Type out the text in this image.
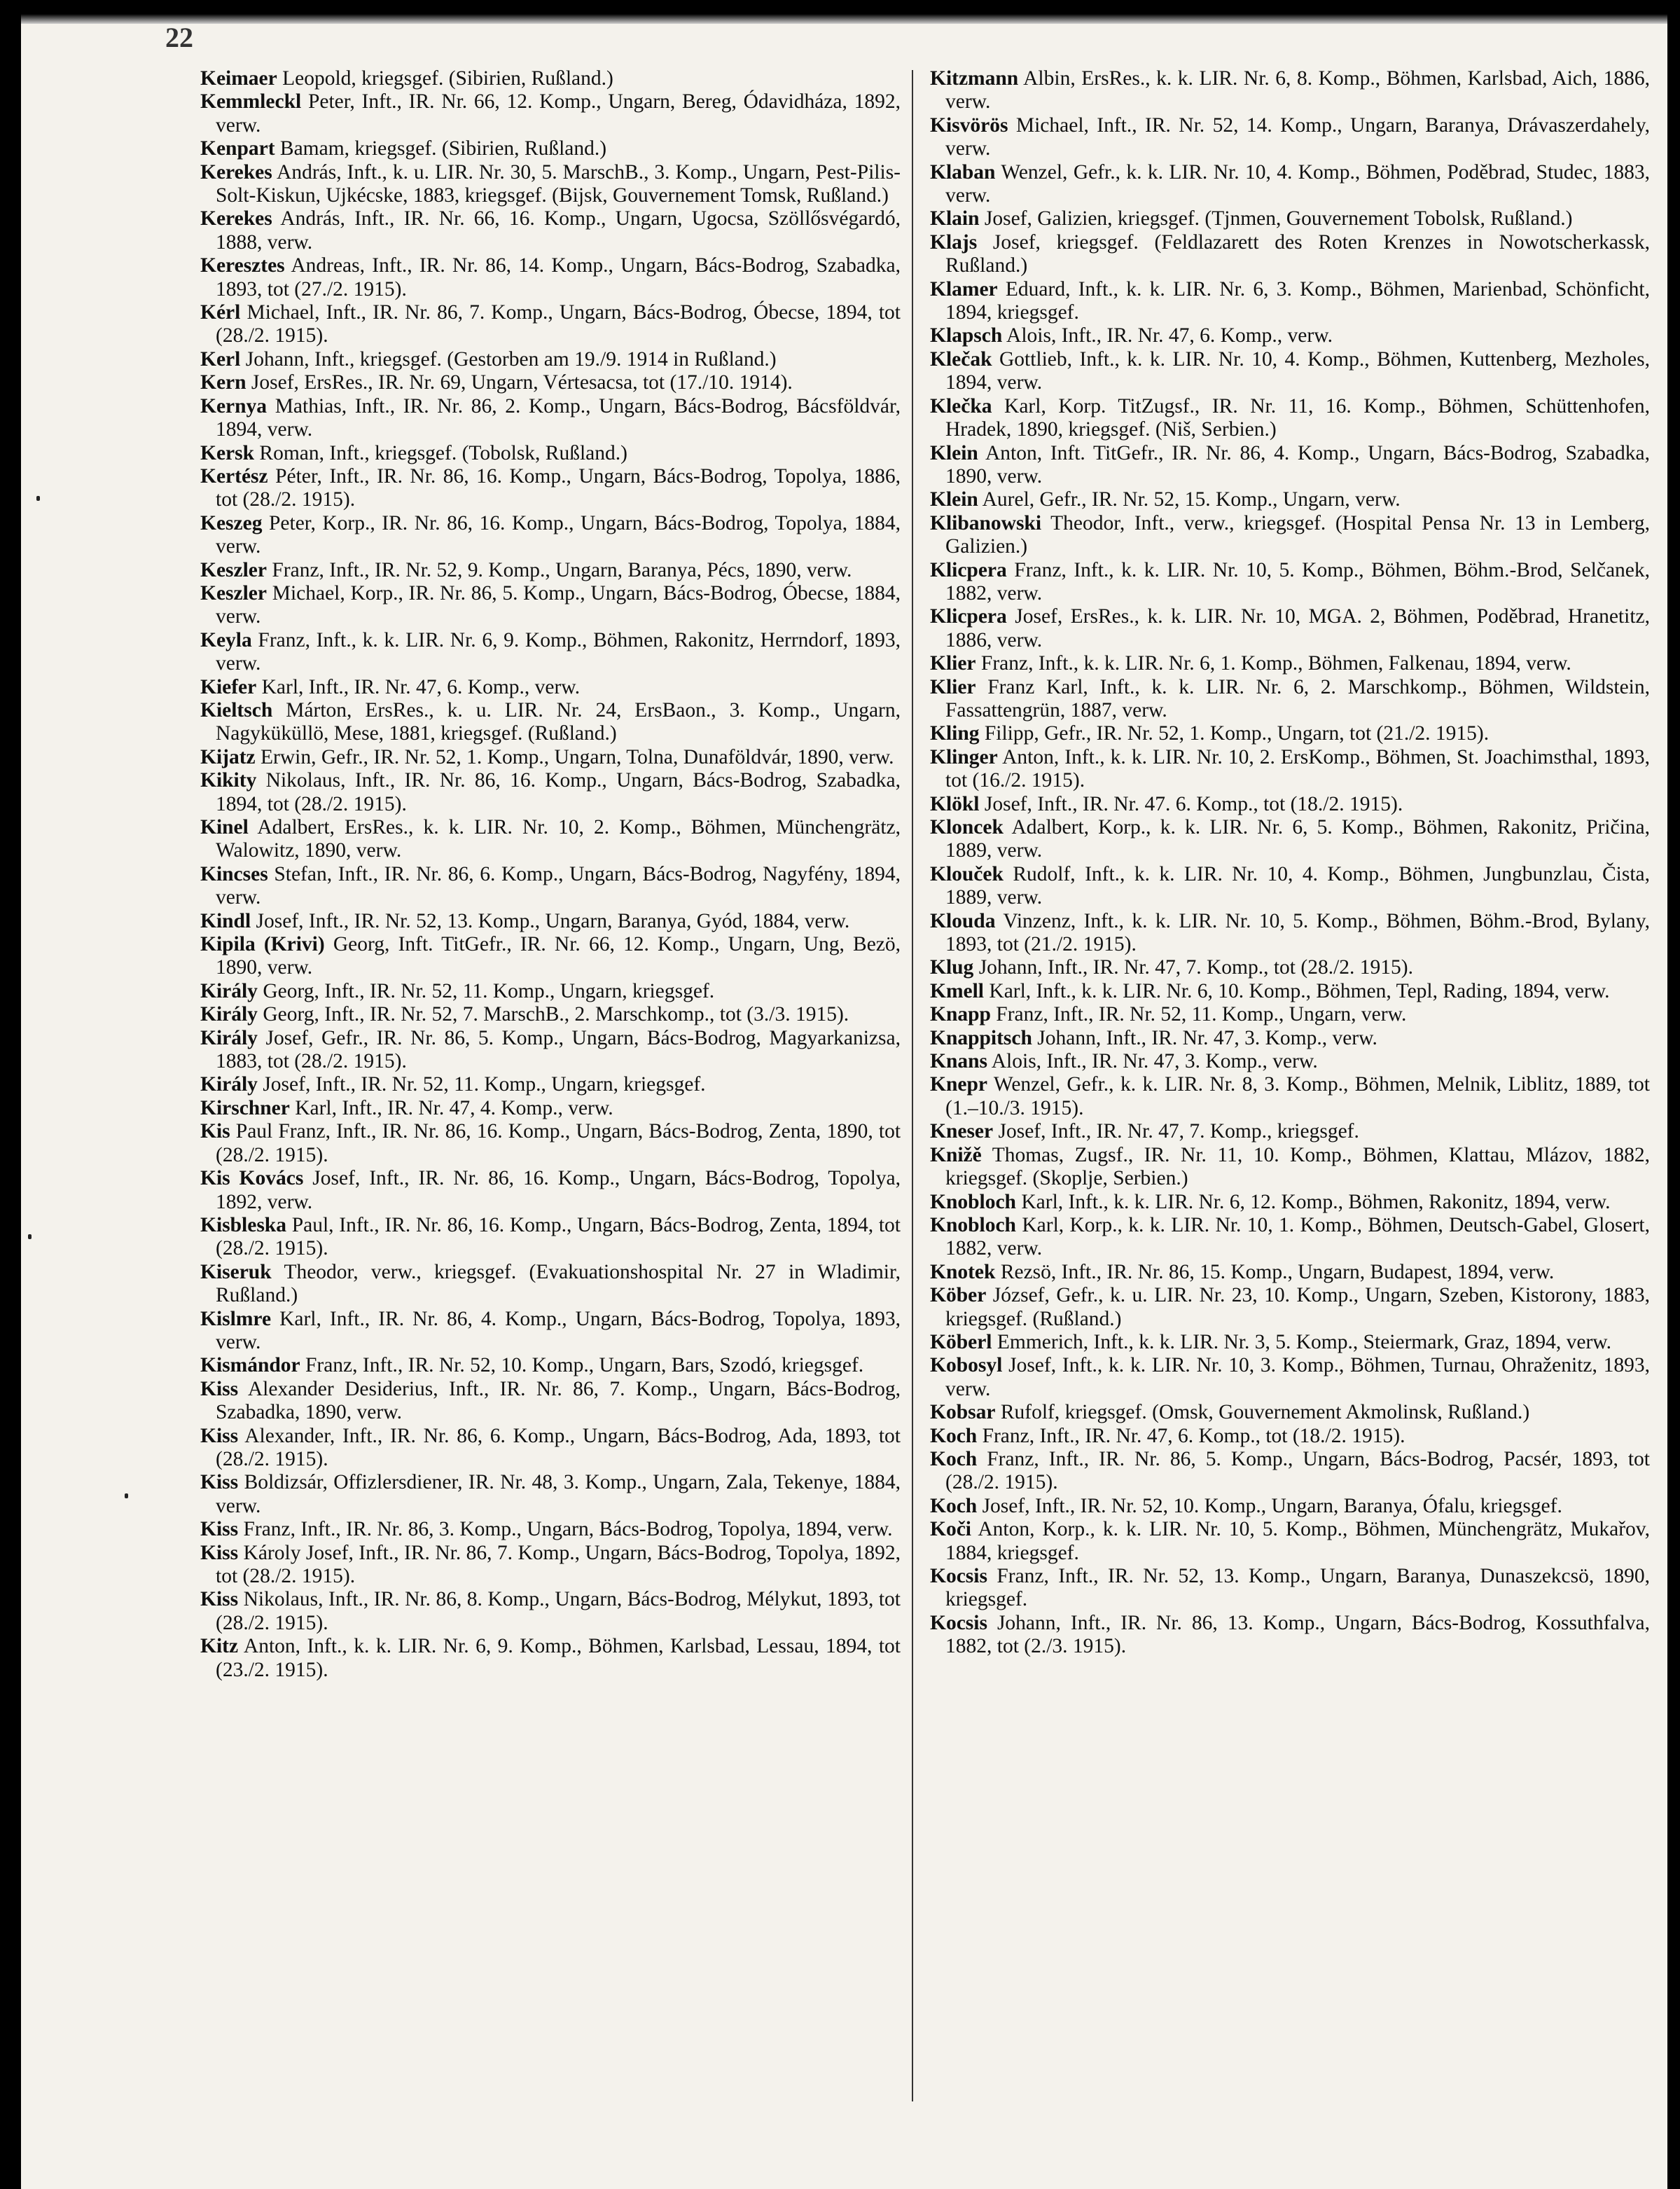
22

Keimaer Leopold, kriegsgef. (Sibirien, Rußland.)

Kemmleckl Peter, Inft., IR. Nr. 66, 12. Komp., Ungarn, Bereg, Ódavidháza, 1892, verw.

Kenpart Bamam, kriegsgef. (Sibirien, Rußland.)

Kerekes András, Inft., k. u. LIR. Nr. 30, 5. MarschB., 3. Komp., Ungarn, Pest-Pilis-Solt-Kiskun, Ujkécske, 1883, kriegsgef. (Bijsk, Gouvernement Tomsk, Rußland.)

Kerekes András, Inft., IR. Nr. 66, 16. Komp., Ungarn, Ugocsa, Szöllősvégardó, 1888, verw.

Keresztes Andreas, Inft., IR. Nr. 86, 14. Komp., Ungarn, Bács-Bodrog, Szabadka, 1893, tot (27./2. 1915).

Kérl Michael, Inft., IR. Nr. 86, 7. Komp., Ungarn, Bács-Bodrog, Óbecse, 1894, tot (28./2. 1915).

Kerl Johann, Inft., kriegsgef. (Gestorben am 19./9. 1914 in Rußland.)

Kern Josef, ErsRes., IR. Nr. 69, Ungarn, Vértesacsa, tot (17./10. 1914).

Kernya Mathias, Inft., IR. Nr. 86, 2. Komp., Ungarn, Bács-Bodrog, Bácsföldvár, 1894, verw.

Kersk Roman, Inft., kriegsgef. (Tobolsk, Rußland.)

Kertész Péter, Inft., IR. Nr. 86, 16. Komp., Ungarn, Bács-Bodrog, Topolya, 1886, tot (28./2. 1915).

Keszeg Peter, Korp., IR. Nr. 86, 16. Komp., Ungarn, Bács-Bodrog, Topolya, 1884, verw.

Keszler Franz, Inft., IR. Nr. 52, 9. Komp., Ungarn, Baranya, Pécs, 1890, verw.

Keszler Michael, Korp., IR. Nr. 86, 5. Komp., Ungarn, Bács-Bodrog, Óbecse, 1884, verw.

Keyla Franz, Inft., k. k. LIR. Nr. 6, 9. Komp., Böhmen, Rakonitz, Herrndorf, 1893, verw.

Kiefer Karl, Inft., IR. Nr. 47, 6. Komp., verw.

Kieltsch Márton, ErsRes., k. u. LIR. Nr. 24, ErsBaon., 3. Komp., Ungarn, Nagyküküllö, Mese, 1881, kriegsgef. (Rußland.)

Kijatz Erwin, Gefr., IR. Nr. 52, 1. Komp., Ungarn, Tolna, Dunaföldvár, 1890, verw.

Kikity Nikolaus, Inft., IR. Nr. 86, 16. Komp., Ungarn, Bács-Bodrog, Szabadka, 1894, tot (28./2. 1915).

Kinel Adalbert, ErsRes., k. k. LIR. Nr. 10, 2. Komp., Böhmen, Münchengrätz, Walowitz, 1890, verw.

Kincses Stefan, Inft., IR. Nr. 86, 6. Komp., Ungarn, Bács-Bodrog, Nagyfény, 1894, verw.

Kindl Josef, Inft., IR. Nr. 52, 13. Komp., Ungarn, Baranya, Gyód, 1884, verw.

Kipila (Krivi) Georg, Inft. TitGefr., IR. Nr. 66, 12. Komp., Ungarn, Ung, Bezö, 1890, verw.

Király Georg, Inft., IR. Nr. 52, 11. Komp., Ungarn, kriegsgef.

Király Georg, Inft., IR. Nr. 52, 7. MarschB., 2. Marschkomp., tot (3./3. 1915).

Király Josef, Gefr., IR. Nr. 86, 5. Komp., Ungarn, Bács-Bodrog, Magyarkanizsa, 1883, tot (28./2. 1915).

Király Josef, Inft., IR. Nr. 52, 11. Komp., Ungarn, kriegsgef.

Kirschner Karl, Inft., IR. Nr. 47, 4. Komp., verw.

Kis Paul Franz, Inft., IR. Nr. 86, 16. Komp., Ungarn, Bács-Bodrog, Zenta, 1890, tot (28./2. 1915).

Kis Kovács Josef, Inft., IR. Nr. 86, 16. Komp., Ungarn, Bács-Bodrog, Topolya, 1892, verw.

Kisbleska Paul, Inft., IR. Nr. 86, 16. Komp., Ungarn, Bács-Bodrog, Zenta, 1894, tot (28./2. 1915).

Kiseruk Theodor, verw., kriegsgef. (Evakuationshospital Nr. 27 in Wladimir, Rußland.)

Kislmre Karl, Inft., IR. Nr. 86, 4. Komp., Ungarn, Bács-Bodrog, Topolya, 1893, verw.

Kismándor Franz, Inft., IR. Nr. 52, 10. Komp., Ungarn, Bars, Szodó, kriegsgef.

Kiss Alexander Desiderius, Inft., IR. Nr. 86, 7. Komp., Ungarn, Bács-Bodrog, Szabadka, 1890, verw.

Kiss Alexander, Inft., IR. Nr. 86, 6. Komp., Ungarn, Bács-Bodrog, Ada, 1893, tot (28./2. 1915).

Kiss Boldizsár, Offizlersdiener, IR. Nr. 48, 3. Komp., Ungarn, Zala, Tekenye, 1884, verw.

Kiss Franz, Inft., IR. Nr. 86, 3. Komp., Ungarn, Bács-Bodrog, Topolya, 1894, verw.

Kiss Károly Josef, Inft., IR. Nr. 86, 7. Komp., Ungarn, Bács-Bodrog, Topolya, 1892, tot (28./2. 1915).

Kiss Nikolaus, Inft., IR. Nr. 86, 8. Komp., Ungarn, Bács-Bodrog, Mélykut, 1893, tot (28./2. 1915).

Kitz Anton, Inft., k. k. LIR. Nr. 6, 9. Komp., Böhmen, Karlsbad, Lessau, 1894, tot (23./2. 1915).

Kitzmann Albin, ErsRes., k. k. LIR. Nr. 6, 8. Komp., Böhmen, Karlsbad, Aich, 1886, verw.

Kisvörös Michael, Inft., IR. Nr. 52, 14. Komp., Ungarn, Baranya, Drávaszerdahely, verw.

Klaban Wenzel, Gefr., k. k. LIR. Nr. 10, 4. Komp., Böhmen, Poděbrad, Studec, 1883, verw.

Klain Josef, Galizien, kriegsgef. (Tjnmen, Gouvernement Tobolsk, Rußland.)

Klajs Josef, kriegsgef. (Feldlazarett des Roten Krenzes in Nowotscherkassk, Rußland.)

Klamer Eduard, Inft., k. k. LIR. Nr. 6, 3. Komp., Böhmen, Marienbad, Schönficht, 1894, kriegsgef.

Klapsch Alois, Inft., IR. Nr. 47, 6. Komp., verw.

Klečak Gottlieb, Inft., k. k. LIR. Nr. 10, 4. Komp., Böhmen, Kuttenberg, Mezholes, 1894, verw.

Klečka Karl, Korp. TitZugsf., IR. Nr. 11, 16. Komp., Böhmen, Schüttenhofen, Hradek, 1890, kriegsgef. (Niš, Serbien.)

Klein Anton, Inft. TitGefr., IR. Nr. 86, 4. Komp., Ungarn, Bács-Bodrog, Szabadka, 1890, verw.

Klein Aurel, Gefr., IR. Nr. 52, 15. Komp., Ungarn, verw.

Klibanowski Theodor, Inft., verw., kriegsgef. (Hospital Pensa Nr. 13 in Lemberg, Galizien.)

Klicpera Franz, Inft., k. k. LIR. Nr. 10, 5. Komp., Böhmen, Böhm.-Brod, Selčanek, 1882, verw.

Klicpera Josef, ErsRes., k. k. LIR. Nr. 10, MGA. 2, Böhmen, Poděbrad, Hranetitz, 1886, verw.

Klier Franz, Inft., k. k. LIR. Nr. 6, 1. Komp., Böhmen, Falkenau, 1894, verw.

Klier Franz Karl, Inft., k. k. LIR. Nr. 6, 2. Marschkomp., Böhmen, Wildstein, Fassattengrün, 1887, verw.

Kling Filipp, Gefr., IR. Nr. 52, 1. Komp., Ungarn, tot (21./2. 1915).

Klinger Anton, Inft., k. k. LIR. Nr. 10, 2. ErsKomp., Böhmen, St. Joachimsthal, 1893, tot (16./2. 1915).

Klökl Josef, Inft., IR. Nr. 47. 6. Komp., tot (18./2. 1915).

Kloncek Adalbert, Korp., k. k. LIR. Nr. 6, 5. Komp., Böhmen, Rakonitz, Pričina, 1889, verw.

Klouček Rudolf, Inft., k. k. LIR. Nr. 10, 4. Komp., Böhmen, Jungbunzlau, Čista, 1889, verw.

Klouda Vinzenz, Inft., k. k. LIR. Nr. 10, 5. Komp., Böhmen, Böhm.-Brod, Bylany, 1893, tot (21./2. 1915).

Klug Johann, Inft., IR. Nr. 47, 7. Komp., tot (28./2. 1915).

Kmell Karl, Inft., k. k. LIR. Nr. 6, 10. Komp., Böhmen, Tepl, Rading, 1894, verw.

Knapp Franz, Inft., IR. Nr. 52, 11. Komp., Ungarn, verw.

Knappitsch Johann, Inft., IR. Nr. 47, 3. Komp., verw.

Knans Alois, Inft., IR. Nr. 47, 3. Komp., verw.

Knepr Wenzel, Gefr., k. k. LIR. Nr. 8, 3. Komp., Böhmen, Melnik, Liblitz, 1889, tot (1.–10./3. 1915).

Kneser Josef, Inft., IR. Nr. 47, 7. Komp., kriegsgef.

Knižě Thomas, Zugsf., IR. Nr. 11, 10. Komp., Böhmen, Klattau, Mlázov, 1882, kriegsgef. (Skoplje, Serbien.)

Knobloch Karl, Inft., k. k. LIR. Nr. 6, 12. Komp., Böhmen, Rakonitz, 1894, verw.

Knobloch Karl, Korp., k. k. LIR. Nr. 10, 1. Komp., Böhmen, Deutsch-Gabel, Glosert, 1882, verw.

Knotek Rezsö, Inft., IR. Nr. 86, 15. Komp., Ungarn, Budapest, 1894, verw.

Köber József, Gefr., k. u. LIR. Nr. 23, 10. Komp., Ungarn, Szeben, Kistorony, 1883, kriegsgef. (Rußland.)

Köberl Emmerich, Inft., k. k. LIR. Nr. 3, 5. Komp., Steiermark, Graz, 1894, verw.

Kobosyl Josef, Inft., k. k. LIR. Nr. 10, 3. Komp., Böhmen, Turnau, Ohraženitz, 1893, verw.

Kobsar Rufolf, kriegsgef. (Omsk, Gouvernement Akmolinsk, Rußland.)

Koch Franz, Inft., IR. Nr. 47, 6. Komp., tot (18./2. 1915).

Koch Franz, Inft., IR. Nr. 86, 5. Komp., Ungarn, Bács-Bodrog, Pacsér, 1893, tot (28./2. 1915).

Koch Josef, Inft., IR. Nr. 52, 10. Komp., Ungarn, Baranya, Ófalu, kriegsgef.

Koči Anton, Korp., k. k. LIR. Nr. 10, 5. Komp., Böhmen, Münchengrätz, Mukařov, 1884, kriegsgef.

Kocsis Franz, Inft., IR. Nr. 52, 13. Komp., Ungarn, Baranya, Dunaszekcsö, 1890, kriegsgef.

Kocsis Johann, Inft., IR. Nr. 86, 13. Komp., Ungarn, Bács-Bodrog, Kossuthfalva, 1882, tot (2./3. 1915).
